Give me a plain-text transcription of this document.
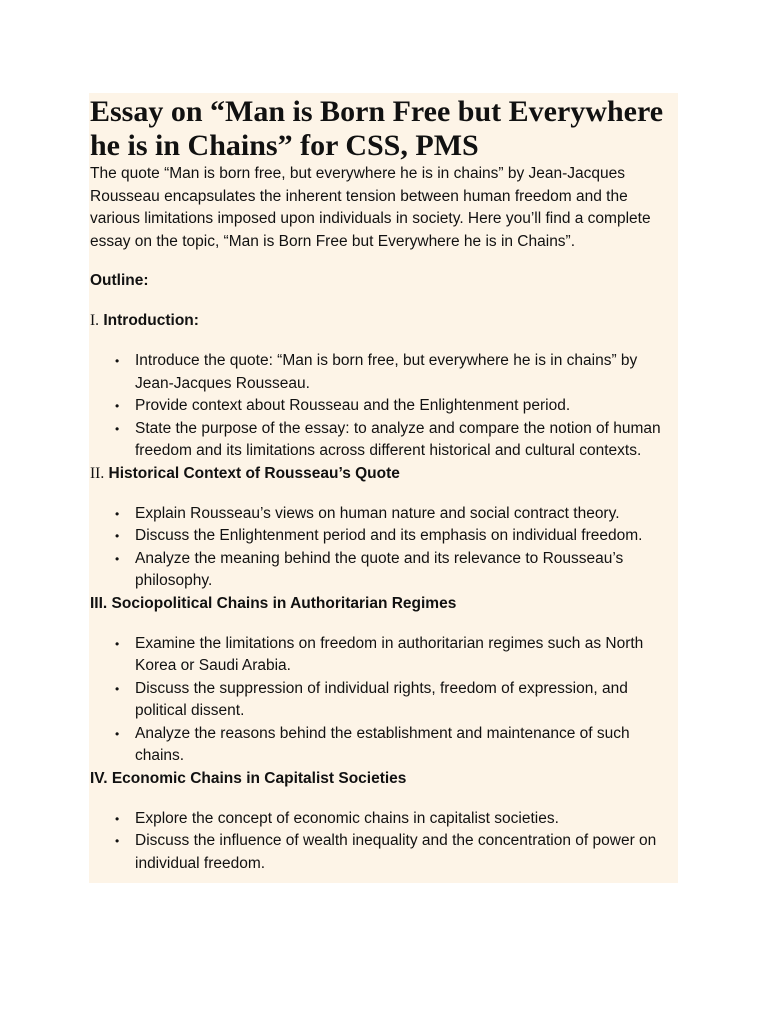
Essay on “Man is Born Free but Everywhere he is in Chains” for CSS, PMS

The quote “Man is born free, but everywhere he is in chains” by Jean-Jacques Rousseau encapsulates the inherent tension between human freedom and the various limitations imposed upon individuals in society. Here you’ll find a complete essay on the topic, “Man is Born Free but Everywhere he is in Chains”.

Outline:
I. Introduction:
• Introduce the quote: “Man is born free, but everywhere he is in chains” by Jean-Jacques Rousseau.
• Provide context about Rousseau and the Enlightenment period.
• State the purpose of the essay: to analyze and compare the notion of human freedom and its limitations across different historical and cultural contexts.
II. Historical Context of Rousseau’s Quote
• Explain Rousseau’s views on human nature and social contract theory.
• Discuss the Enlightenment period and its emphasis on individual freedom.
• Analyze the meaning behind the quote and its relevance to Rousseau’s philosophy.
III. Sociopolitical Chains in Authoritarian Regimes
• Examine the limitations on freedom in authoritarian regimes such as North Korea or Saudi Arabia.
• Discuss the suppression of individual rights, freedom of expression, and political dissent.
• Analyze the reasons behind the establishment and maintenance of such chains.
IV. Economic Chains in Capitalist Societies
• Explore the concept of economic chains in capitalist societies.
• Discuss the influence of wealth inequality and the concentration of power on individual freedom.
